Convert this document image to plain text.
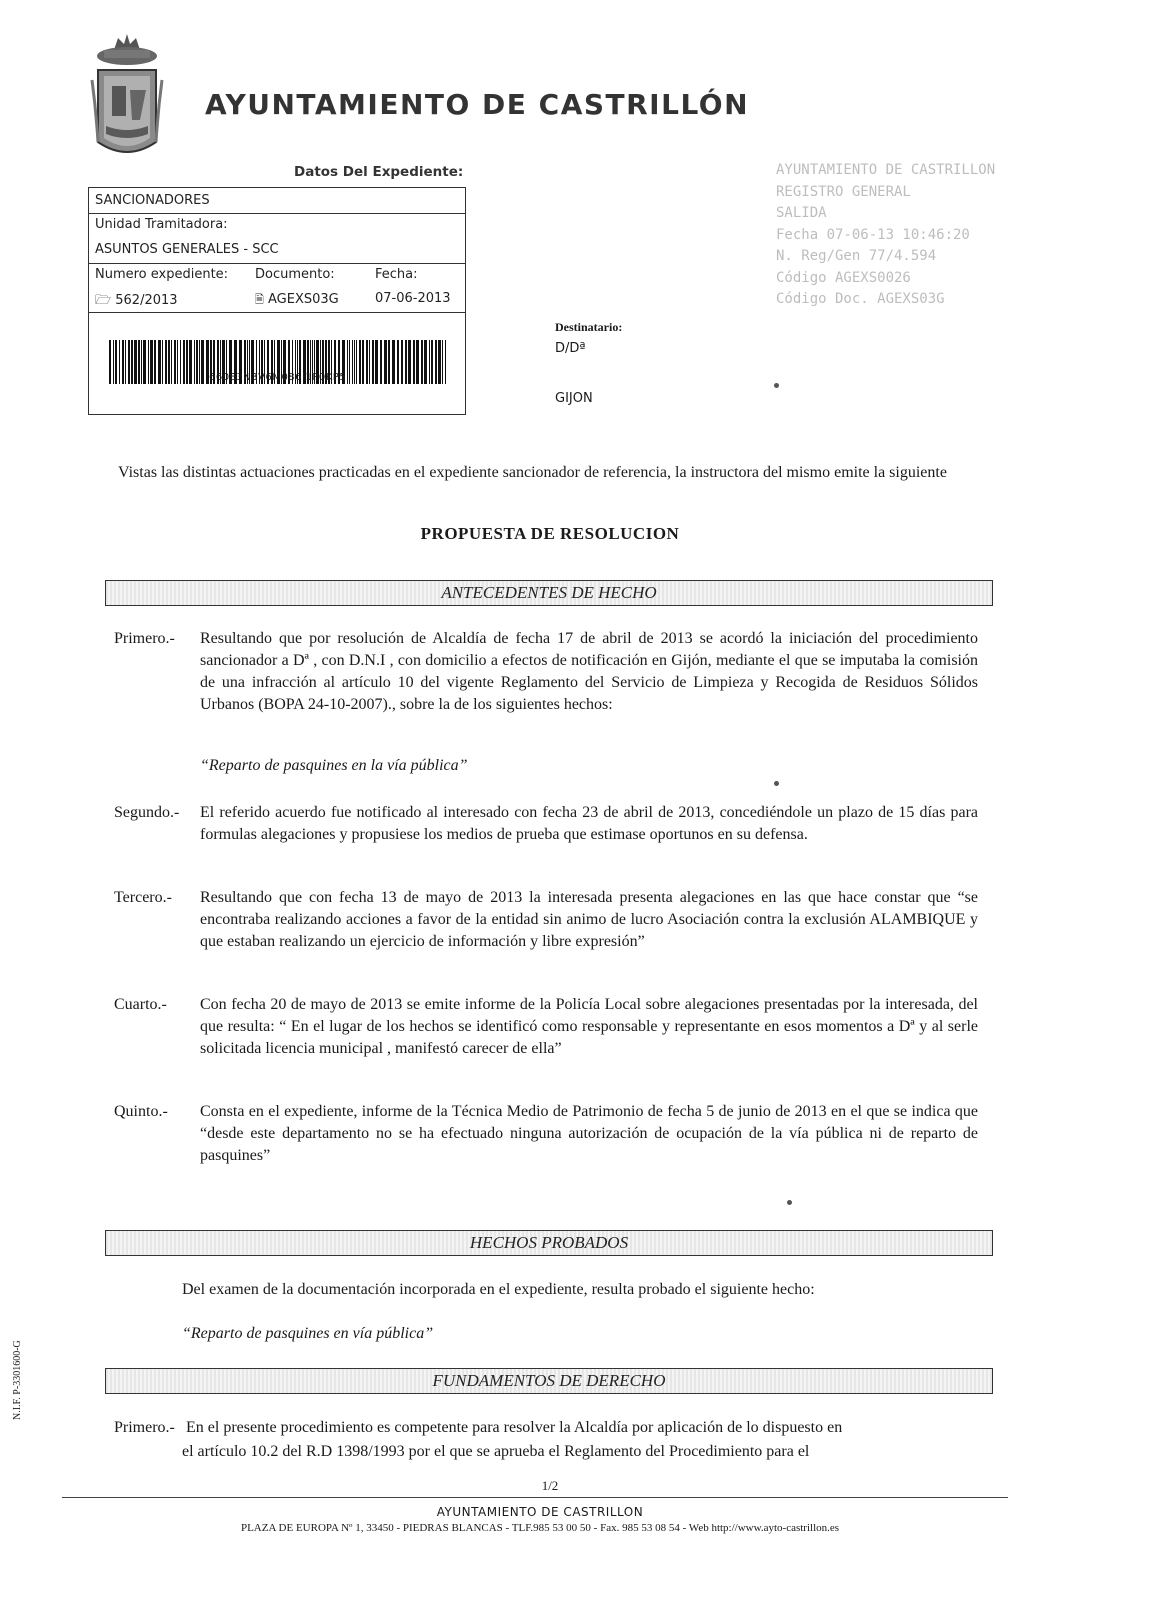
AYUNTAMIENTO DE CASTRILLÓN
Datos Del Expediente:
SANCIONADORES
Unidad Tramitadora:
ASUNTOS GENERALES - SCC
Numero expediente: Documento:	Fecha:
🗁 562/2013	🗎 AGEXS03G	07-06-2013
660E3N3V6M086I1P0KP5
Destinatario:
D/Dª
GIJON
AYUNTAMIENTO DE CASTRILLON
REGISTRO GENERAL
SALIDA
Fecha 07-06-13 10:46:20
N. Reg/Gen 77/4.594
Código AGEXS0026
Código Doc. AGEXS03G
Vistas las distintas actuaciones practicadas en el expediente sancionador de referencia, la instructora del mismo emite la siguiente
PROPUESTA DE RESOLUCION
ANTECEDENTES DE HECHO
Primero.-	Resultando que por resolución de Alcaldía de fecha 17 de abril de 2013 se acordó la iniciación del procedimiento sancionador a Dª , con D.N.I , con domicilio a efectos de notificación en Gijón, mediante el que se imputaba la comisión de una infracción al artículo 10 del vigente Reglamento del Servicio de Limpieza y Recogida de Residuos Sólidos Urbanos (BOPA 24-10-2007)., sobre la de los siguientes hechos:
“Reparto de pasquines en la vía pública”
Segundo.-	El referido acuerdo fue notificado al interesado con fecha 23 de abril de 2013, concediéndole un plazo de 15 días para formulas alegaciones y propusiese los medios de prueba que estimase oportunos en su defensa.
Tercero.-	Resultando que con fecha 13 de mayo de 2013 la interesada presenta alegaciones en las que hace constar que “se encontraba realizando acciones a favor de la entidad sin animo de lucro Asociación contra la exclusión ALAMBIQUE y que estaban realizando un ejercicio de información y libre expresión”
Cuarto.-	Con fecha 20 de mayo de 2013 se emite informe de la Policía Local sobre alegaciones presentadas por la interesada, del que resulta: “ En el lugar de los hechos se identificó como responsable y representante en esos momentos a Dª y al serle solicitada licencia municipal , manifestó carecer de ella”
Quinto.-	Consta en el expediente, informe de la Técnica Medio de Patrimonio de fecha 5 de junio de 2013 en el que se indica que “desde este departamento no se ha efectuado ninguna autorización de ocupación de la vía pública ni de reparto de pasquines”
HECHOS PROBADOS
Del examen de la documentación incorporada en el expediente, resulta probado el siguiente hecho:
“Reparto de pasquines en vía pública”
FUNDAMENTOS DE DERECHO
Primero.- En el presente procedimiento es competente para resolver la Alcaldía por aplicación de lo dispuesto en
el artículo 10.2 del R.D 1398/1993 por el que se aprueba el Reglamento del Procedimiento para el
1/2
AYUNTAMIENTO DE CASTRILLON
PLAZA DE EUROPA Nº 1, 33450 - PIEDRAS BLANCAS - TLF.985 53 00 50 - Fax. 985 53 08 54 - Web http://www.ayto-castrillon.es
N.I.F. P-3301600-G
